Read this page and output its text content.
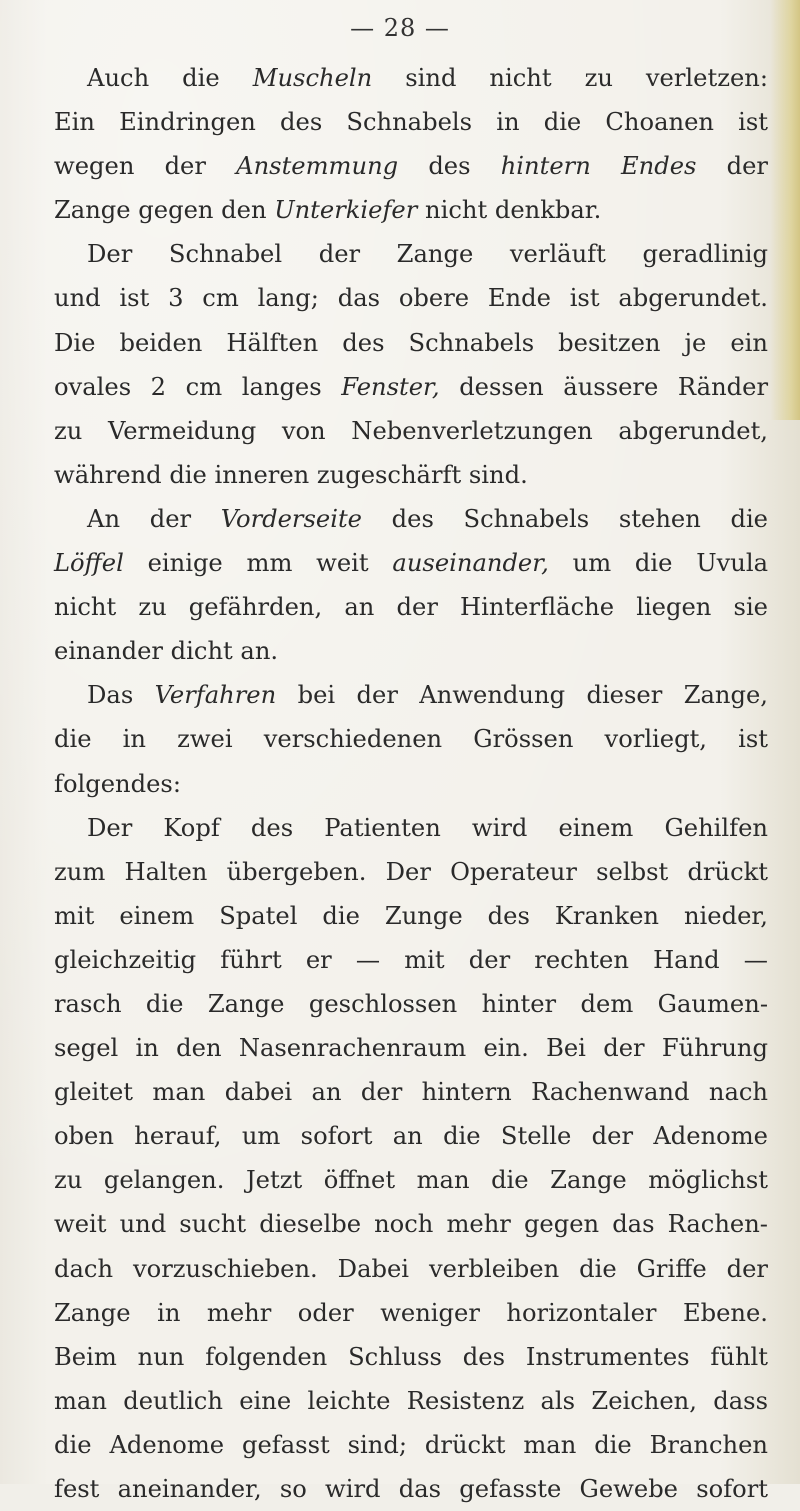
— 28 —
Auch die Muscheln sind nicht zu verletzen:
Ein Eindringen des Schnabels in die Choanen ist
wegen der Anstemmung des hintern Endes der
Zange gegen den Unterkiefer nicht denkbar.
Der Schnabel der Zange verläuft geradlinig
und ist 3 cm lang; das obere Ende ist abgerundet.
Die beiden Hälften des Schnabels besitzen je ein
ovales 2 cm langes Fenster, dessen äussere Ränder
zu Vermeidung von Nebenverletzungen abgerundet,
während die inneren zugeschärft sind.
An der Vorderseite des Schnabels stehen die
Löffel einige mm weit auseinander, um die Uvula
nicht zu gefährden, an der Hinterfläche liegen sie
einander dicht an.
Das Verfahren bei der Anwendung dieser Zange,
die in zwei verschiedenen Grössen vorliegt, ist
folgendes:
Der Kopf des Patienten wird einem Gehilfen
zum Halten übergeben. Der Operateur selbst drückt
mit einem Spatel die Zunge des Kranken nieder,
gleichzeitig führt er — mit der rechten Hand —
rasch die Zange geschlossen hinter dem Gaumen-
segel in den Nasenrachenraum ein. Bei der Führung
gleitet man dabei an der hintern Rachenwand nach
oben herauf, um sofort an die Stelle der Adenome
zu gelangen. Jetzt öffnet man die Zange möglichst
weit und sucht dieselbe noch mehr gegen das Rachen-
dach vorzuschieben. Dabei verbleiben die Griffe der
Zange in mehr oder weniger horizontaler Ebene.
Beim nun folgenden Schluss des Instrumentes fühlt
man deutlich eine leichte Resistenz als Zeichen, dass
die Adenome gefasst sind; drückt man die Branchen
fest aneinander, so wird das gefasste Gewebe sofort
